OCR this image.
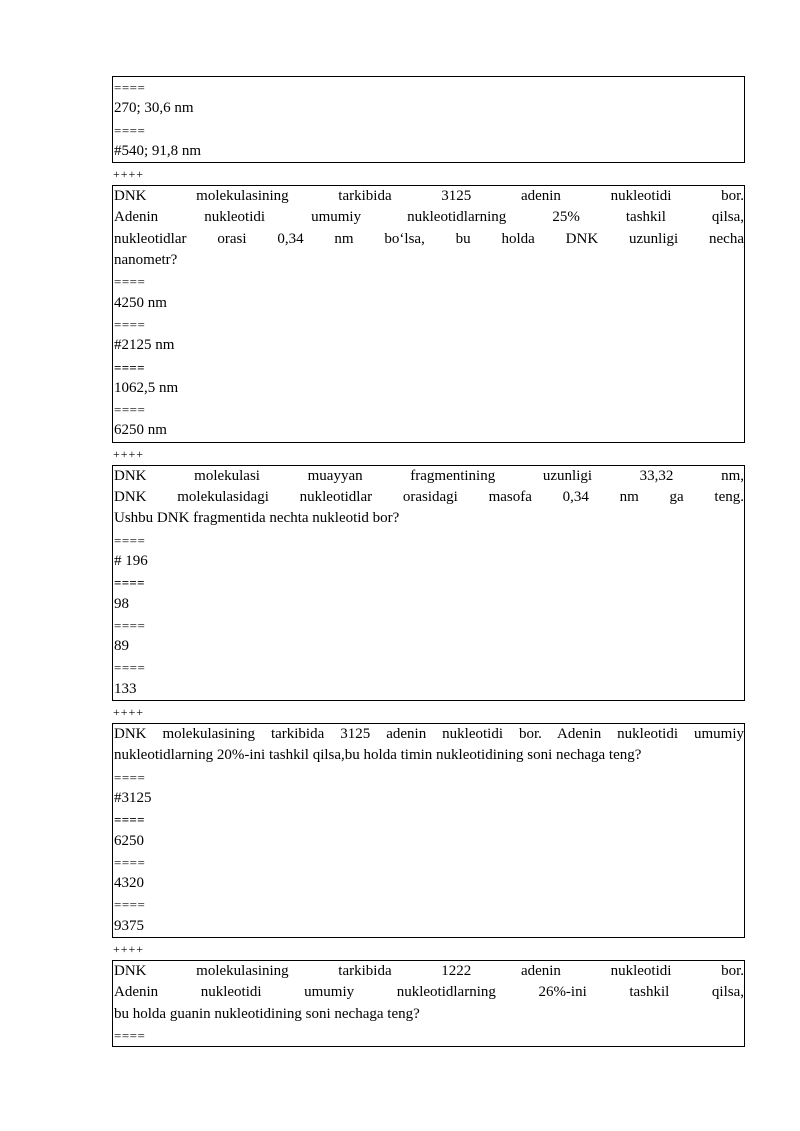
====
270; 30,6 nm
====
#540; 91,8 nm
++++
DNK molekulasining tarkibida 3125 adenin nukleotidi bor.
Adenin nukleotidi umumiy nukleotidlarning 25% tashkil qilsa,
nukleotidlar orasi 0,34 nm bo‘lsa, bu holda DNK uzunligi necha
nanometr?
====
4250 nm
====
#2125 nm
====
1062,5 nm
====
6250 nm
++++
DNK molekulasi muayyan fragmentining uzunligi 33,32 nm,
DNK molekulasidagi nukleotidlar orasidagi masofa 0,34 nm ga teng.
Ushbu DNK fragmentida nechta nukleotid bor?
====
# 196
====
98
====
89
====
133
++++
DNK molekulasining tarkibida 3125 adenin nukleotidi bor. Adenin nukleotidi umumiy
nukleotidlarning 20%-ini tashkil qilsa,bu holda timin nukleotidining soni nechaga teng?
====
#3125
====
6250
====
4320
====
9375
++++
DNK molekulasining tarkibida 1222 adenin nukleotidi bor.
Adenin nukleotidi umumiy nukleotidlarning 26%-ini tashkil qilsa,
bu holda guanin nukleotidining soni nechaga teng?
====
